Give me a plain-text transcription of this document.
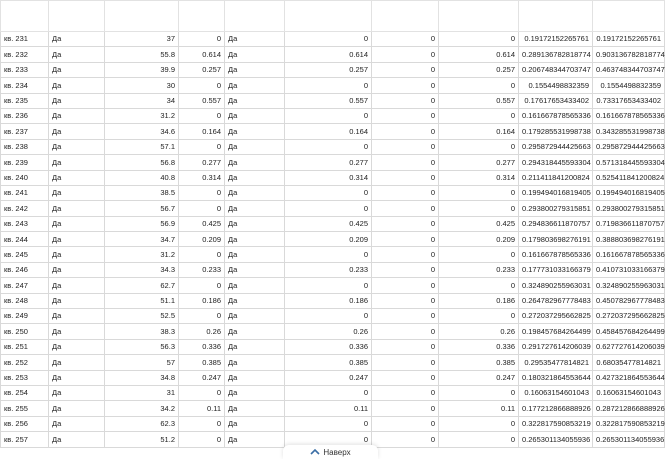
кв. 231	Да	37	0	Да	0	0	0	0.19172152265761	0.19172152265761
кв. 232	Да	55.8	0.614	Да	0.614	0	0.614	0.289136782818774	0.903136782818774
кв. 233	Да	39.9	0.257	Да	0.257	0	0.257	0.206748344703747	0.463748344703747
кв. 234	Да	30	0	Да	0	0	0	0.1554498832359	0.1554498832359
кв. 235	Да	34	0.557	Да	0.557	0	0.557	0.17617653433402	0.73317653433402
кв. 236	Да	31.2	0	Да	0	0	0	0.161667878565336	0.161667878565336
кв. 237	Да	34.6	0.164	Да	0.164	0	0.164	0.179285531998738	0.343285531998738
кв. 238	Да	57.1	0	Да	0	0	0	0.295872944425663	0.295872944425663
кв. 239	Да	56.8	0.277	Да	0.277	0	0.277	0.294318445593304	0.571318445593304
кв. 240	Да	40.8	0.314	Да	0.314	0	0.314	0.211411841200824	0.525411841200824
кв. 241	Да	38.5	0	Да	0	0	0	0.199494016819405	0.199494016819405
кв. 242	Да	56.7	0	Да	0	0	0	0.293800279315851	0.293800279315851
кв. 243	Да	56.9	0.425	Да	0.425	0	0.425	0.294836611870757	0.719836611870757
кв. 244	Да	34.7	0.209	Да	0.209	0	0.209	0.179803698276191	0.388803698276191
кв. 245	Да	31.2	0	Да	0	0	0	0.161667878565336	0.161667878565336
кв. 246	Да	34.3	0.233	Да	0.233	0	0.233	0.177731033166379	0.410731033166379
кв. 247	Да	62.7	0	Да	0	0	0	0.324890255963031	0.324890255963031
кв. 248	Да	51.1	0.186	Да	0.186	0	0.186	0.264782967778483	0.450782967778483
кв. 249	Да	52.5	0	Да	0	0	0	0.272037295662825	0.272037295662825
кв. 250	Да	38.3	0.26	Да	0.26	0	0.26	0.198457684264499	0.458457684264499
кв. 251	Да	56.3	0.336	Да	0.336	0	0.336	0.291727614206039	0.627727614206039
кв. 252	Да	57	0.385	Да	0.385	0	0.385	0.29535477814821	0.68035477814821
кв. 253	Да	34.8	0.247	Да	0.247	0	0.247	0.180321864553644	0.427321864553644
кв. 254	Да	31	0	Да	0	0	0	0.16063154601043	0.16063154601043
кв. 255	Да	34.2	0.11	Да	0.11	0	0.11	0.177212866888926	0.287212866888926
кв. 256	Да	62.3	0	Да	0	0	0	0.322817590853219	0.322817590853219
кв. 257	Да	51.2	0	Да	0	0	0	0.265301134055936	0.265301134055936
Наверх
